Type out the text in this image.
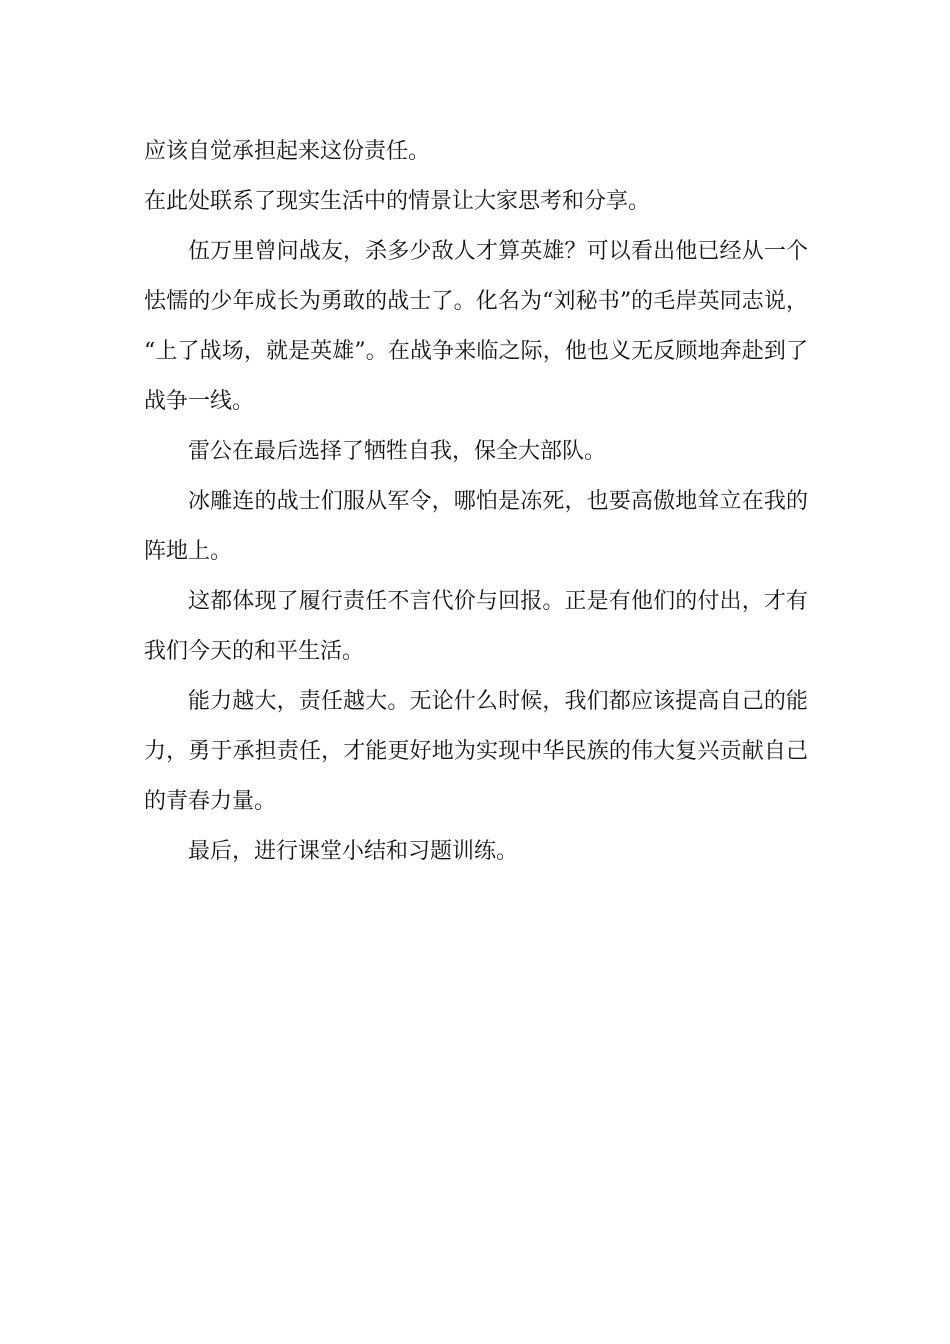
应该自觉承担起来这份责任。

在此处联系了现实生活中的情景让大家思考和分享。

伍万里曾问战友，杀多少敌人才算英雄？可以看出他已经从一个怯懦的少年成长为勇敢的战士了。化名为“刘秘书”的毛岸英同志说，“上了战场，就是英雄”。在战争来临之际，他也义无反顾地奔赴到了战争一线。

雷公在最后选择了牺牲自我，保全大部队。

冰雕连的战士们服从军令，哪怕是冻死，也要高傲地耸立在我的阵地上。

这都体现了履行责任不言代价与回报。正是有他们的付出，才有我们今天的和平生活。

能力越大，责任越大。无论什么时候，我们都应该提高自己的能力，勇于承担责任，才能更好地为实现中华民族的伟大复兴贡献自己的青春力量。

最后，进行课堂小结和习题训练。
